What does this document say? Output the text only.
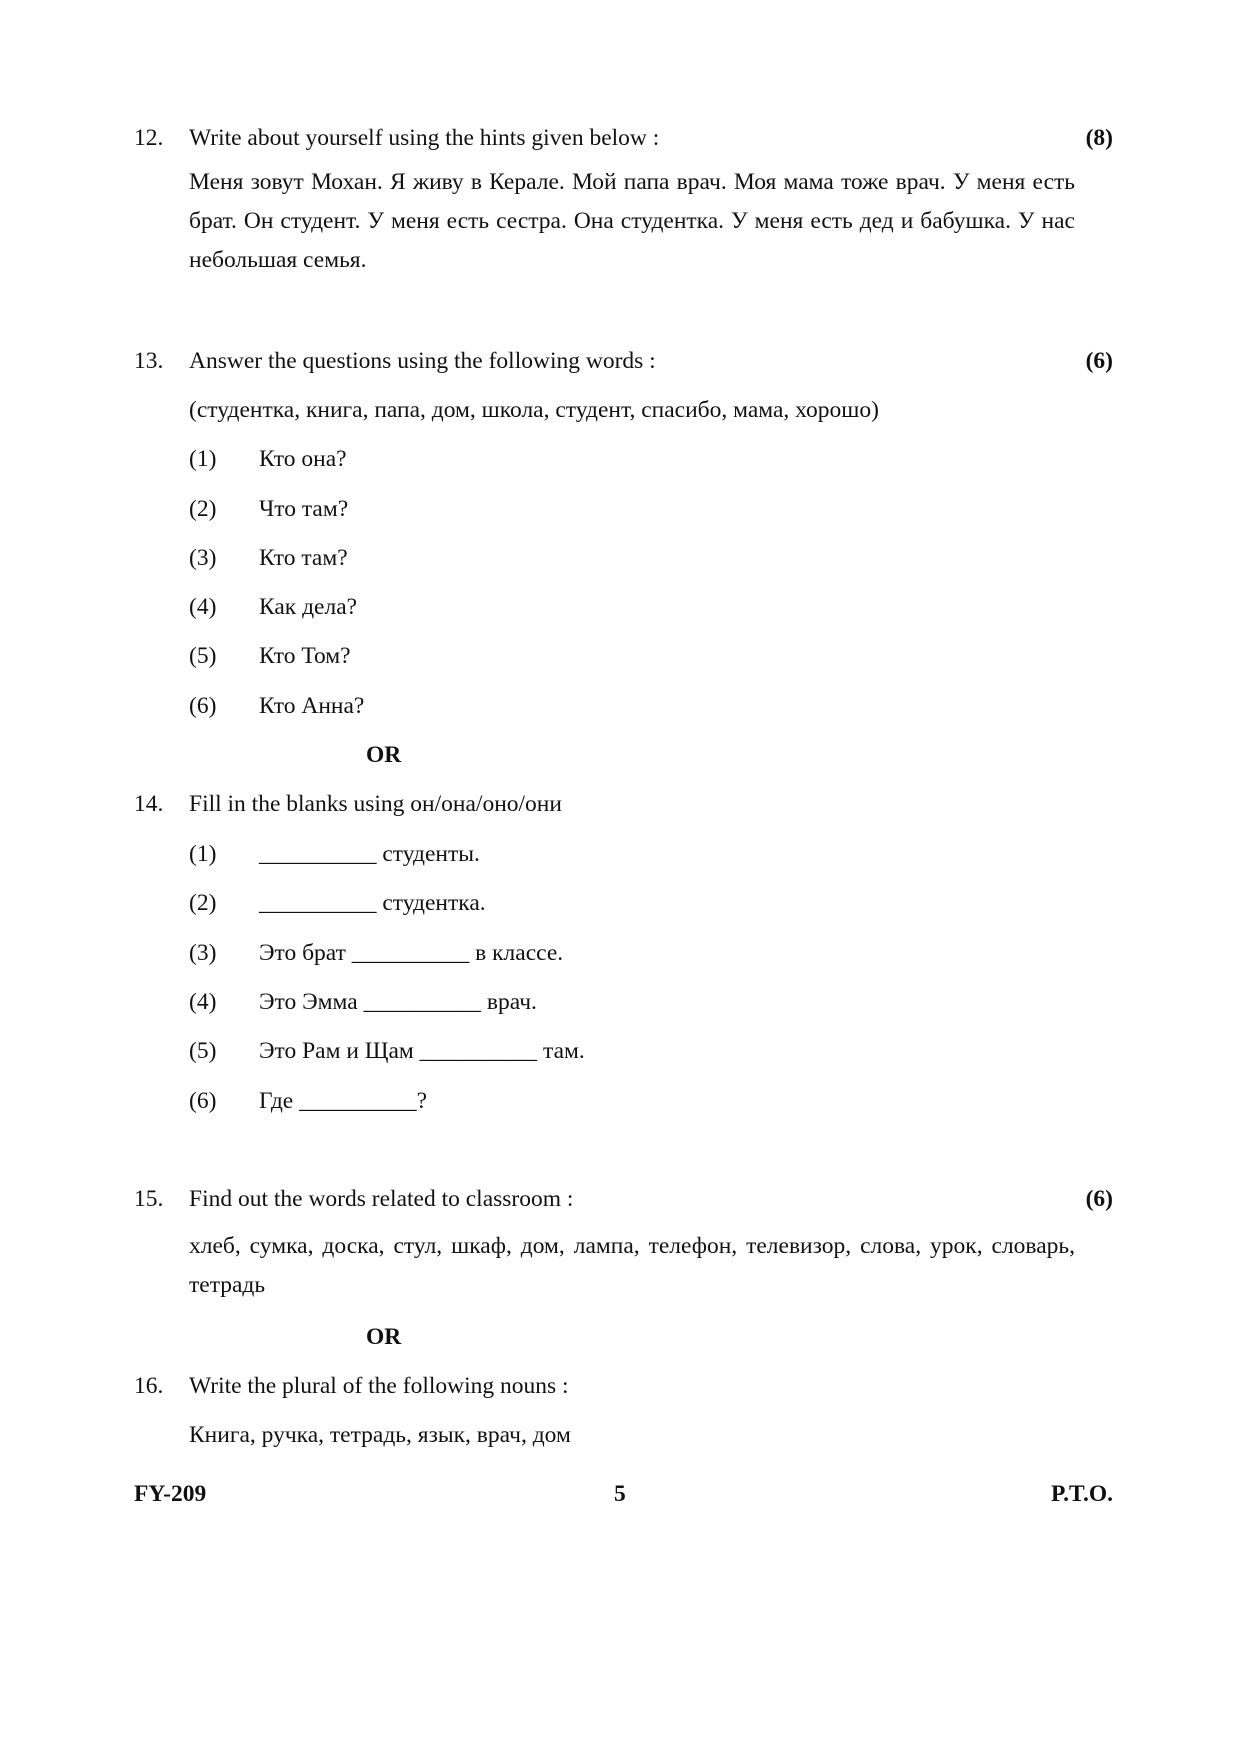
12. Write about yourself using the hints given below :	(8)
Меня зовут Мохан. Я живу в Керале. Мой папа врач. Моя мама тоже врач. У меня есть брат. Он студент. У меня есть сестра. Она студентка. У меня есть дед и бабушка. У нас небольшая семья.
13. Answer the questions using the following words :	(6)
(студентка, книга, папа, дом, школа, студент, спасибо, мама, хорошо)
(1) Кто она?
(2) Что там?
(3) Кто там?
(4) Как дела?
(5) Кто Том?
(6) Кто Анна?
OR
14. Fill in the blanks using он/она/оно/они
(1) __________ студенты.
(2) __________ студентка.
(3) Это брат __________ в классе.
(4) Это Эмма __________ врач.
(5) Это Рам и Щам __________ там.
(6) Где __________?
15. Find out the words related to classroom :	(6)
хлеб, сумка, доска, стул, шкаф, дом, лампа, телефон, телевизор, слова, урок, словарь, тетрадь
OR
16. Write the plural of the following nouns :
Книга, ручка, тетрадь, язык, врач, дом
FY-209	5	P.T.O.
